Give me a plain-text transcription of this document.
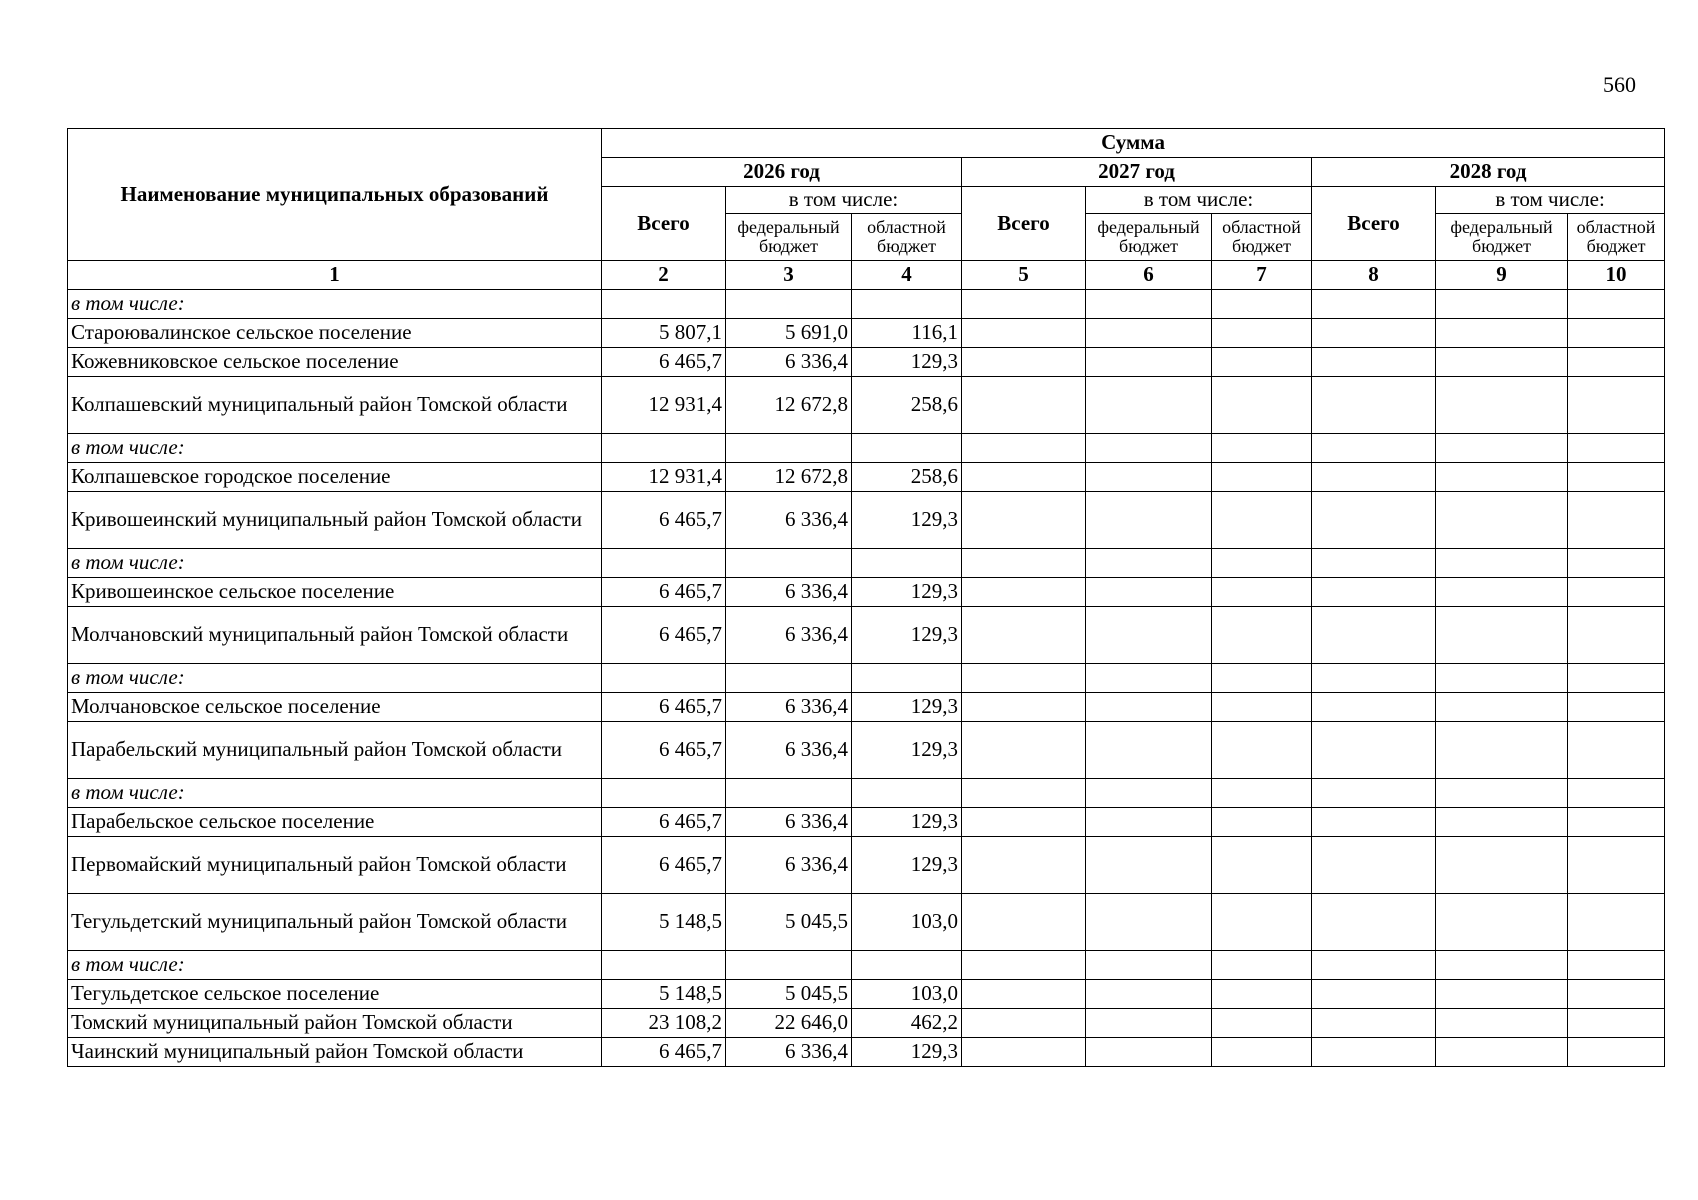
560
Наименование муниципальных образований	Сумма								
	2026 год			2027 год			2028 год		
	Всего	в том числе:		Всего	в том числе:		Всего	в том числе:	
		федеральный бюджет	областной бюджет		федеральный бюджет	областной бюджет		федеральный бюджет	областной бюджет
1	2	3	4	5	6	7	8	9	10
в том числе:									
Староювалинское сельское поселение	5 807,1	5 691,0	116,1						
Кожевниковское сельское поселение	6 465,7	6 336,4	129,3						
Колпашевский муниципальный район Томской области	12 931,4	12 672,8	258,6						
в том числе:									
Колпашевское городское поселение	12 931,4	12 672,8	258,6						
Кривошеинский муниципальный район Томской области	6 465,7	6 336,4	129,3						
в том числе:									
Кривошеинское сельское поселение	6 465,7	6 336,4	129,3						
Молчановский муниципальный район Томской области	6 465,7	6 336,4	129,3						
в том числе:									
Молчановское сельское поселение	6 465,7	6 336,4	129,3						
Парабельский муниципальный район Томской области	6 465,7	6 336,4	129,3						
в том числе:									
Парабельское сельское поселение	6 465,7	6 336,4	129,3						
Первомайский муниципальный район Томской области	6 465,7	6 336,4	129,3						
Тегульдетский муниципальный район Томской области	5 148,5	5 045,5	103,0						
в том числе:									
Тегульдетское сельское поселение	5 148,5	5 045,5	103,0						
Томский муниципальный район Томской области	23 108,2	22 646,0	462,2						
Чаинский муниципальный район Томской области	6 465,7	6 336,4	129,3						
